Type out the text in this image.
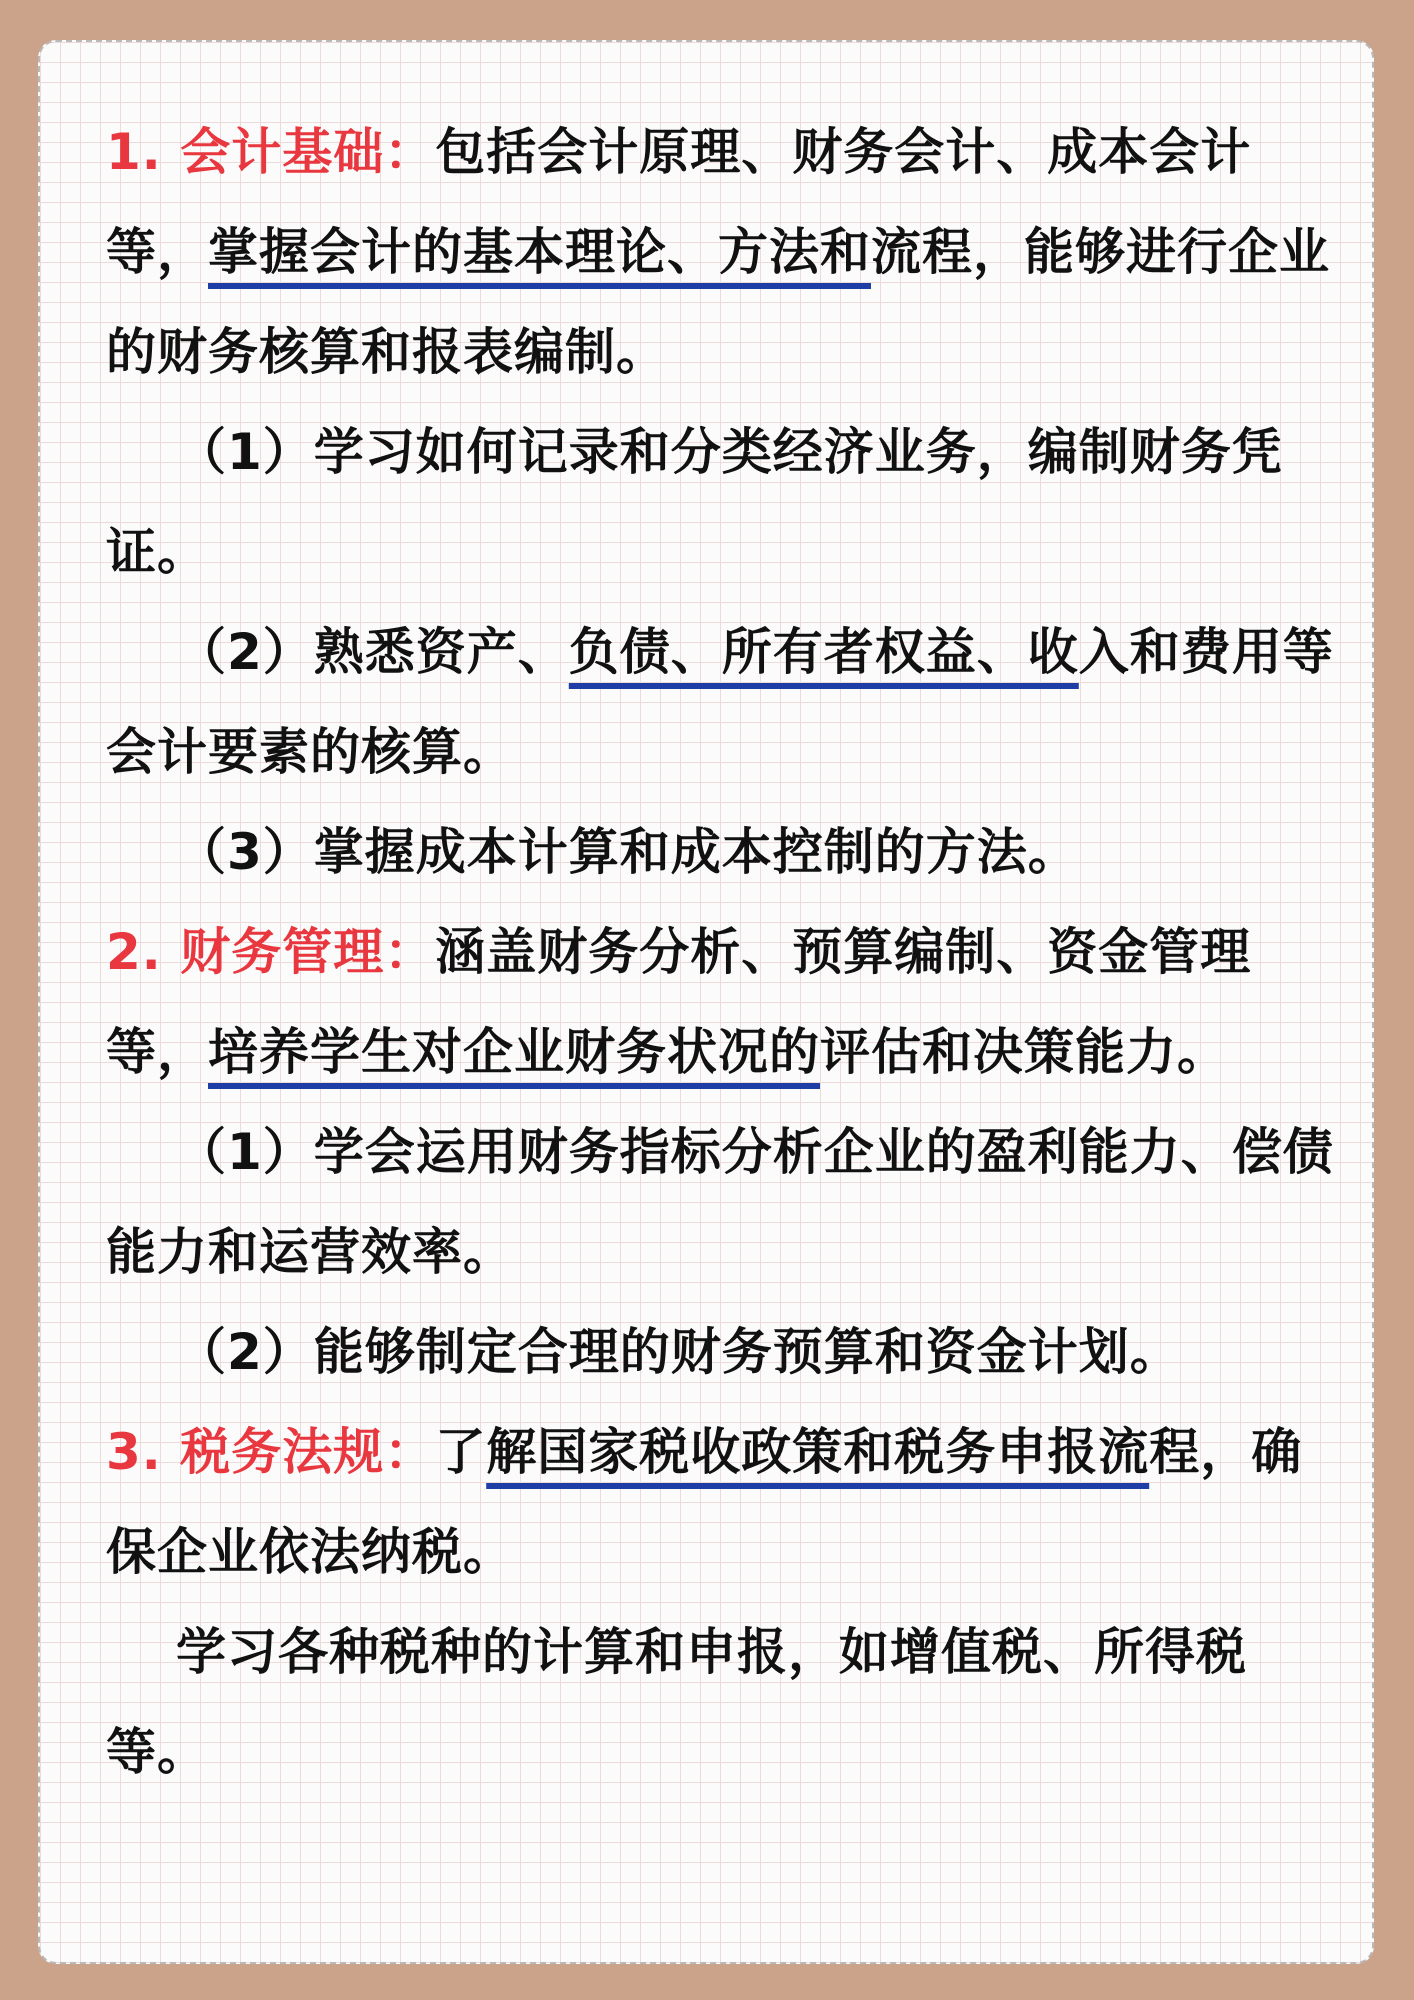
1. 会计基础：包括会计原理、财务会计、成本会计等，掌握会计的基本理论、方法和流程，能够进行企业的财务核算和报表编制。

（1）学习如何记录和分类经济业务，编制财务凭证。

（2）熟悉资产、负债、所有者权益、收入和费用等会计要素的核算。

（3）掌握成本计算和成本控制的方法。

2. 财务管理：涵盖财务分析、预算编制、资金管理等，培养学生对企业财务状况的评估和决策能力。

（1）学会运用财务指标分析企业的盈利能力、偿债能力和运营效率。

（2）能够制定合理的财务预算和资金计划。

3. 税务法规：了解国家税收政策和税务申报流程，确保企业依法纳税。

学习各种税种的计算和申报，如增值税、所得税等。
